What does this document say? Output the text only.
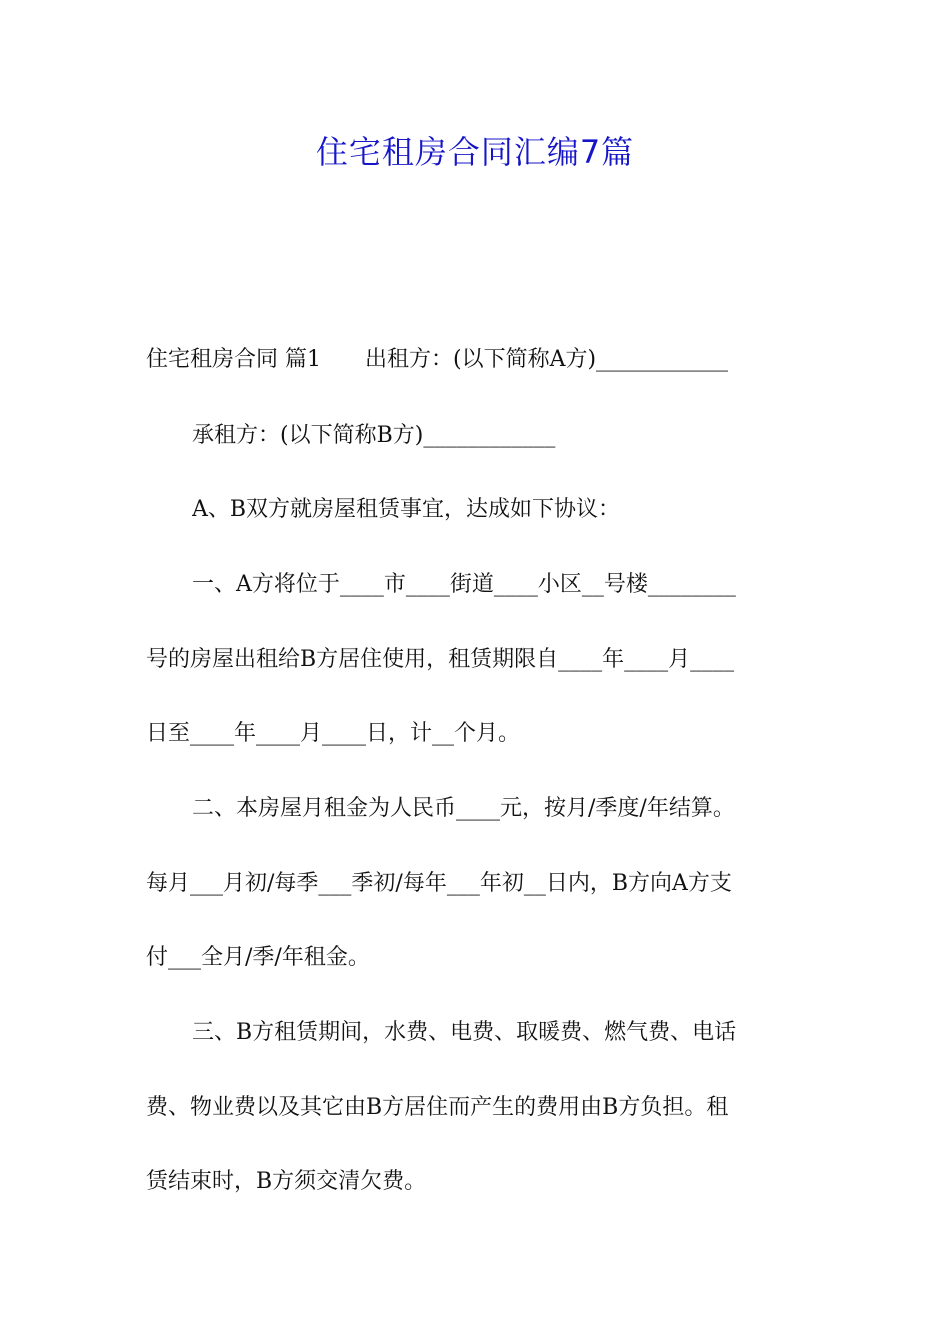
住宅租房合同汇编7篇

住宅租房合同 篇1 出租方：(以下简称A方)____________

承租方：(以下简称B方)____________

A、B双方就房屋租赁事宜，达成如下协议：

一、A方将位于____市____街道____小区__号楼________

号的房屋出租给B方居住使用，租赁期限自____年____月____

日至____年____月____日，计__个月。

二、本房屋月租金为人民币____元，按月/季度/年结算。

每月___月初/每季___季初/每年___年初__日内，B方向A方支

付___全月/季/年租金。

三、B方租赁期间，水费、电费、取暖费、燃气费、电话

费、物业费以及其它由B方居住而产生的费用由B方负担。租

赁结束时，B方须交清欠费。
